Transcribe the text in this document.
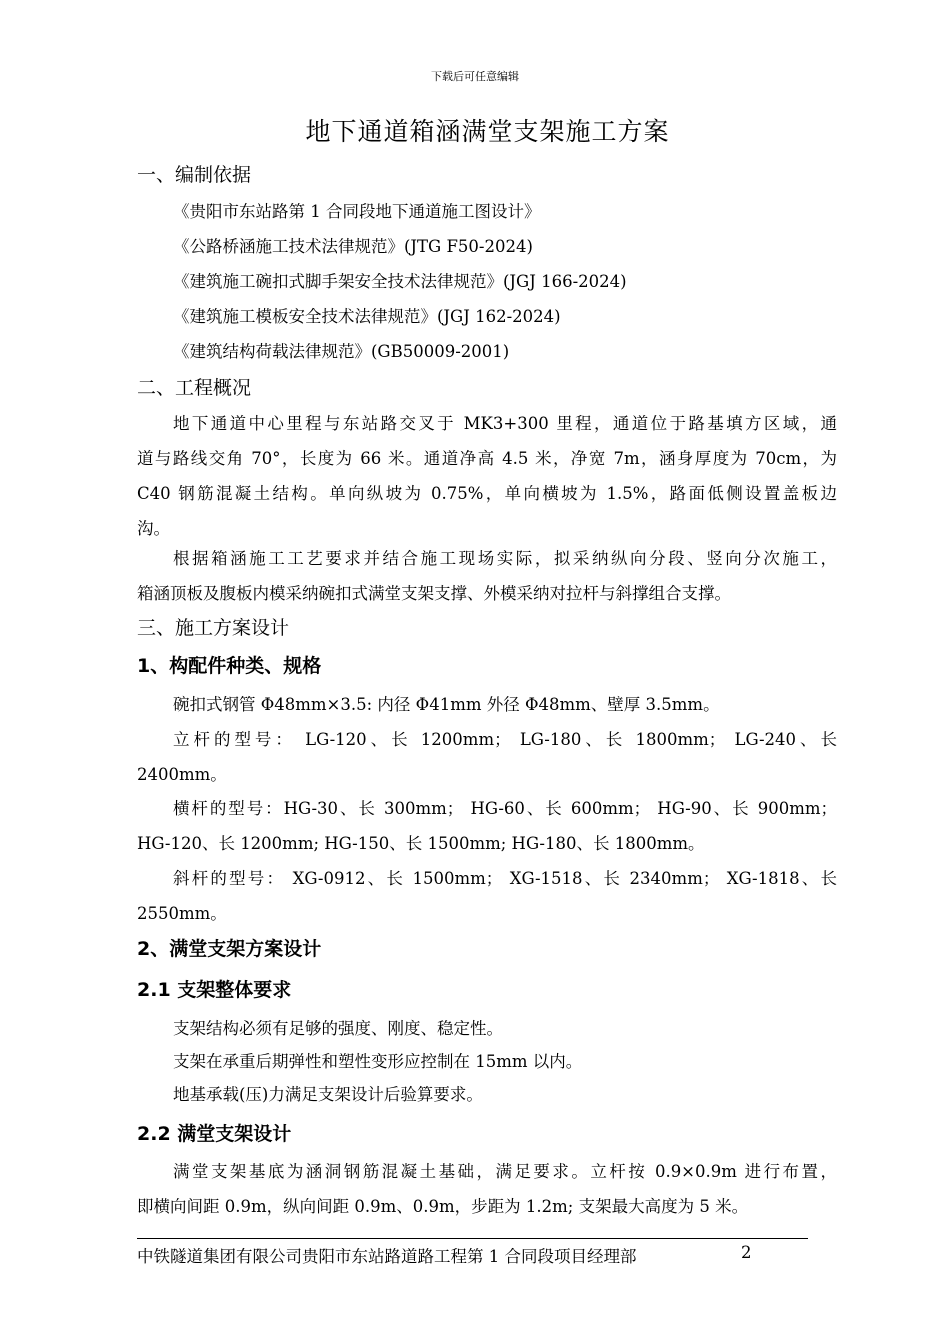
下载后可任意编辑
地下通道箱涵满堂支架施工方案
一、编制依据
《贵阳市东站路第 1 合同段地下通道施工图设计》
《公路桥涵施工技术法律规范》(JTG F50-2024)
《建筑施工碗扣式脚手架安全技术法律规范》(JGJ 166-2024)
《建筑施工模板安全技术法律规范》(JGJ 162-2024)
《建筑结构荷载法律规范》(GB50009-2001)
二、工程概况
地下通道中心里程与东站路交叉于 MK3+300 里程，通道位于路基填方区域，通
道与路线交角 70°，长度为 66 米。通道净高 4.5 米，净宽 7m，涵身厚度为 70cm，为
C40 钢筋混凝土结构。单向纵坡为 0.75%，单向横坡为 1.5%，路面低侧设置盖板边
沟。
根据箱涵施工工艺要求并结合施工现场实际，拟采纳纵向分段、竖向分次施工，
箱涵顶板及腹板内模采纳碗扣式满堂支架支撑、外模采纳对拉杆与斜撑组合支撑。
三、施工方案设计
1、构配件种类、规格
碗扣式钢管 Φ48mm×3.5: 内径 Φ41mm 外径 Φ48mm、壁厚 3.5mm。
立杆的型号： LG-120、长 1200mm； LG-180、长 1800mm； LG-240、长
2400mm。
横杆的型号：HG-30、长 300mm； HG-60、长 600mm； HG-90、长 900mm；
HG-120、长 1200mm; HG-150、长 1500mm; HG-180、长 1800mm。
斜杆的型号： XG-0912、长 1500mm； XG-1518、长 2340mm； XG-1818、长
2550mm。
2、满堂支架方案设计
2.1 支架整体要求
支架结构必须有足够的强度、刚度、稳定性。
支架在承重后期弹性和塑性变形应控制在 15mm 以内。
地基承载(压)力满足支架设计后验算要求。
2.2 满堂支架设计
满堂支架基底为涵洞钢筋混凝土基础，满足要求。立杆按 0.9×0.9m 进行布置，
即横向间距 0.9m，纵向间距 0.9m、0.9m，步距为 1.2m; 支架最大高度为 5 米。
中铁隧道集团有限公司贵阳市东站路道路工程第 1 合同段项目经理部	2
